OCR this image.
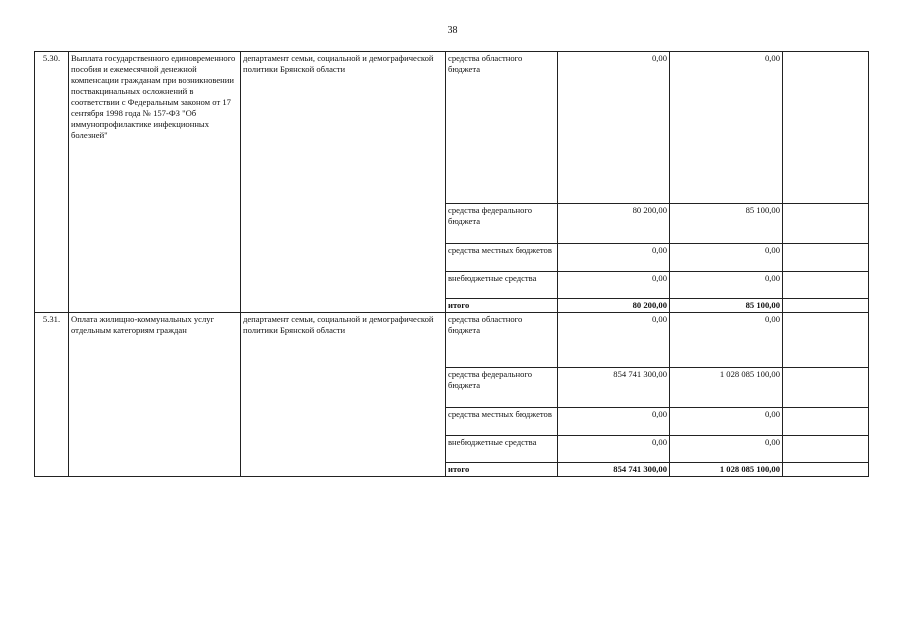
38
5.30.	Выплата государственного единовременного пособия и ежемесячной денежной компенсации гражданам при возникновении поствакцинальных осложнений в соответствии с Федеральным законом от 17 сентября 1998 года № 157-ФЗ "Об иммунопрофилактике инфекционных болезней"	департамент семьи, социальной и демографической политики Брянской области	средства областного бюджета	0,00	0,00	
			средства федерального бюджета	80 200,00	85 100,00	
			средства местных бюджетов	0,00	0,00	
			внебюджетные средства	0,00	0,00	
			итого	80 200,00	85 100,00	
5.31.	Оплата жилищно-коммунальных услуг отдельным категориям граждан	департамент семьи, социальной и демографической политики Брянской области	средства областного бюджета	0,00	0,00	
			средства федерального бюджета	854 741 300,00	1 028 085 100,00	
			средства местных бюджетов	0,00	0,00	
			внебюджетные средства	0,00	0,00	
			итого	854 741 300,00	1 028 085 100,00	
